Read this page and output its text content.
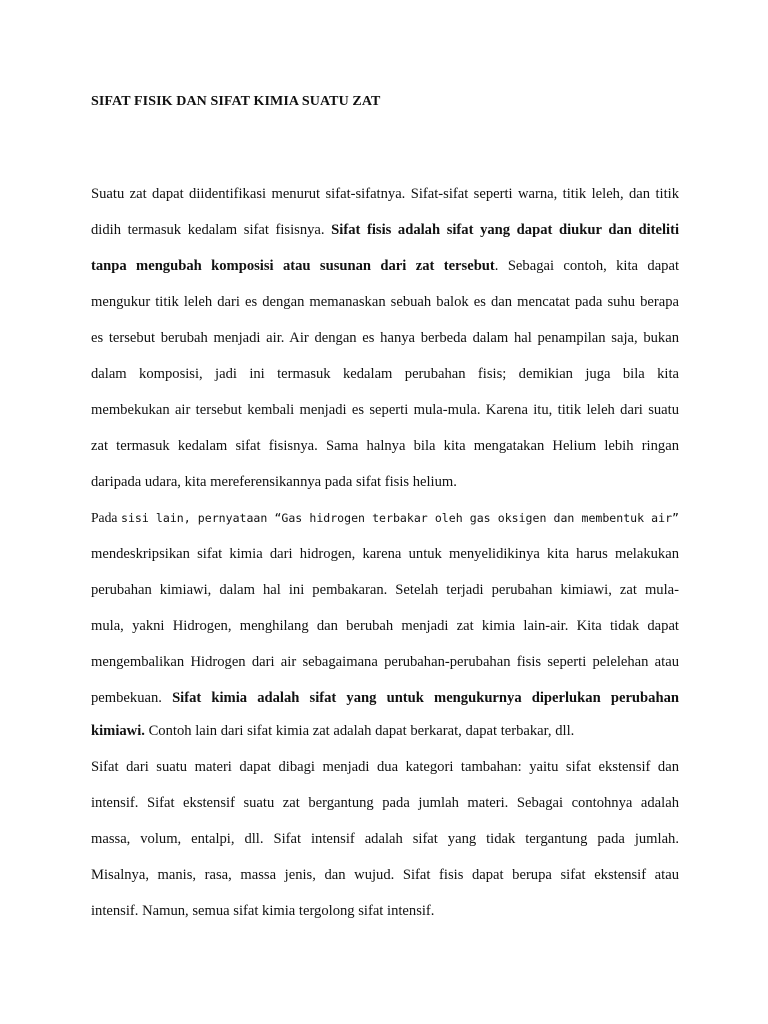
SIFAT FISIK DAN SIFAT KIMIA SUATU ZAT
Suatu zat dapat diidentifikasi menurut sifat-sifatnya. Sifat-sifat seperti warna, titik leleh, dan titik
didih termasuk kedalam sifat fisisnya. Sifat fisis adalah sifat yang dapat diukur dan diteliti
tanpa mengubah komposisi atau susunan dari zat tersebut. Sebagai contoh, kita dapat
mengukur titik leleh dari es dengan memanaskan sebuah balok es dan mencatat pada suhu berapa
es tersebut berubah menjadi air. Air dengan es hanya berbeda dalam hal penampilan saja, bukan
dalam komposisi, jadi ini termasuk kedalam perubahan fisis; demikian juga bila kita
membekukan air tersebut kembali menjadi es seperti mula-mula. Karena itu, titik leleh dari suatu
zat termasuk kedalam sifat fisisnya. Sama halnya bila kita mengatakan Helium lebih ringan
daripada udara, kita mereferensikannya pada sifat fisis helium.
Pada sisi lain, pernyataan “Gas hidrogen terbakar oleh gas oksigen dan membentuk air”
mendeskripsikan sifat kimia dari hidrogen, karena untuk menyelidikinya kita harus melakukan
perubahan kimiawi, dalam hal ini pembakaran. Setelah terjadi perubahan kimiawi, zat mula-
mula, yakni Hidrogen, menghilang dan berubah menjadi zat kimia lain-air. Kita tidak dapat
mengembalikan Hidrogen dari air sebagaimana perubahan-perubahan fisis seperti pelelehan atau
pembekuan. Sifat kimia adalah sifat yang untuk mengukurnya diperlukan perubahan
kimiawi. Contoh lain dari sifat kimia zat adalah dapat berkarat, dapat terbakar, dll.
Sifat dari suatu materi dapat dibagi menjadi dua kategori tambahan: yaitu sifat ekstensif dan
intensif. Sifat ekstensif suatu zat bergantung pada jumlah materi. Sebagai contohnya adalah
massa, volum, entalpi, dll. Sifat intensif adalah sifat yang tidak tergantung pada jumlah.
Misalnya, manis, rasa, massa jenis, dan wujud. Sifat fisis dapat berupa sifat ekstensif atau
intensif. Namun, semua sifat kimia tergolong sifat intensif.
